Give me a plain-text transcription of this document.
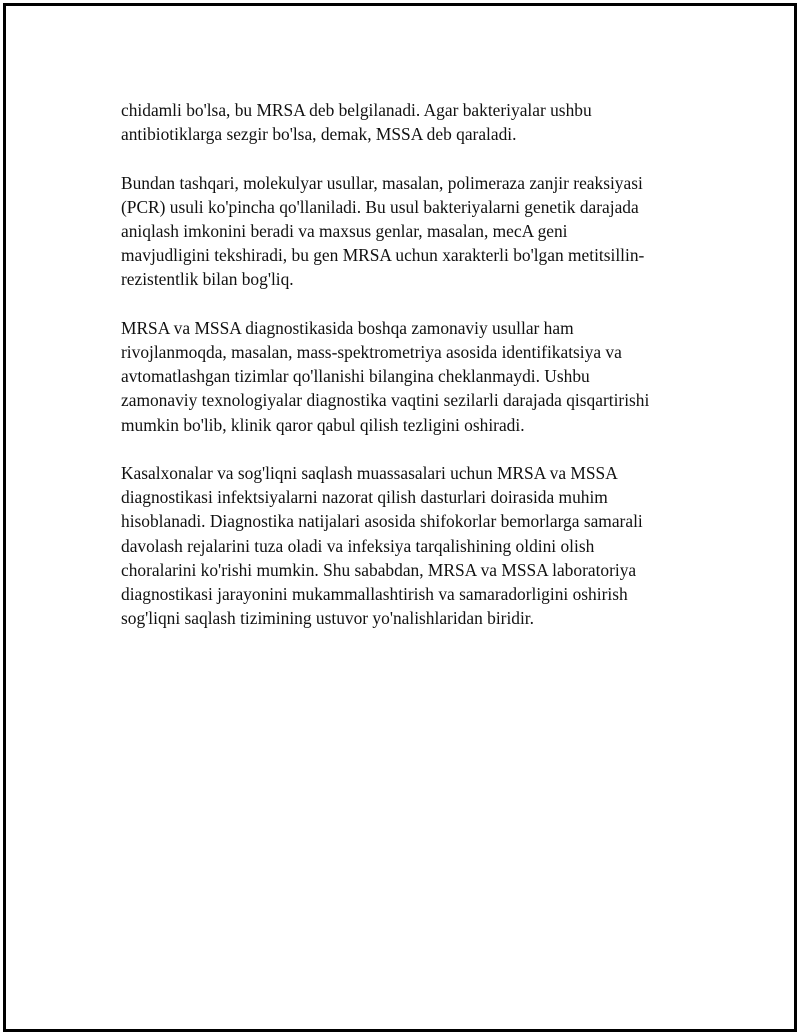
chidamli bo'lsa, bu MRSA deb belgilanadi. Agar bakteriyalar ushbu
antibiotiklarga sezgir bo'lsa, demak, MSSA deb qaraladi.

Bundan tashqari, molekulyar usullar, masalan, polimeraza zanjir reaksiyasi
(PCR) usuli ko'pincha qo'llaniladi. Bu usul bakteriyalarni genetik darajada
aniqlash imkonini beradi va maxsus genlar, masalan, mecA geni
mavjudligini tekshiradi, bu gen MRSA uchun xarakterli bo'lgan metitsillin-
rezistentlik bilan bog'liq.

MRSA va MSSA diagnostikasida boshqa zamonaviy usullar ham
rivojlanmoqda, masalan, mass-spektrometriya asosida identifikatsiya va
avtomatlashgan tizimlar qo'llanishi bilangina cheklanmaydi. Ushbu
zamonaviy texnologiyalar diagnostika vaqtini sezilarli darajada qisqartirishi
mumkin bo'lib, klinik qaror qabul qilish tezligini oshiradi.

Kasalxonalar va sog'liqni saqlash muassasalari uchun MRSA va MSSA
diagnostikasi infektsiyalarni nazorat qilish dasturlari doirasida muhim
hisoblanadi. Diagnostika natijalari asosida shifokorlar bemorlarga samarali
davolash rejalarini tuza oladi va infeksiya tarqalishining oldini olish
choralarini ko'rishi mumkin. Shu sababdan, MRSA va MSSA laboratoriya
diagnostikasi jarayonini mukammallashtirish va samaradorligini oshirish
sog'liqni saqlash tizimining ustuvor yo'nalishlaridan biridir.
